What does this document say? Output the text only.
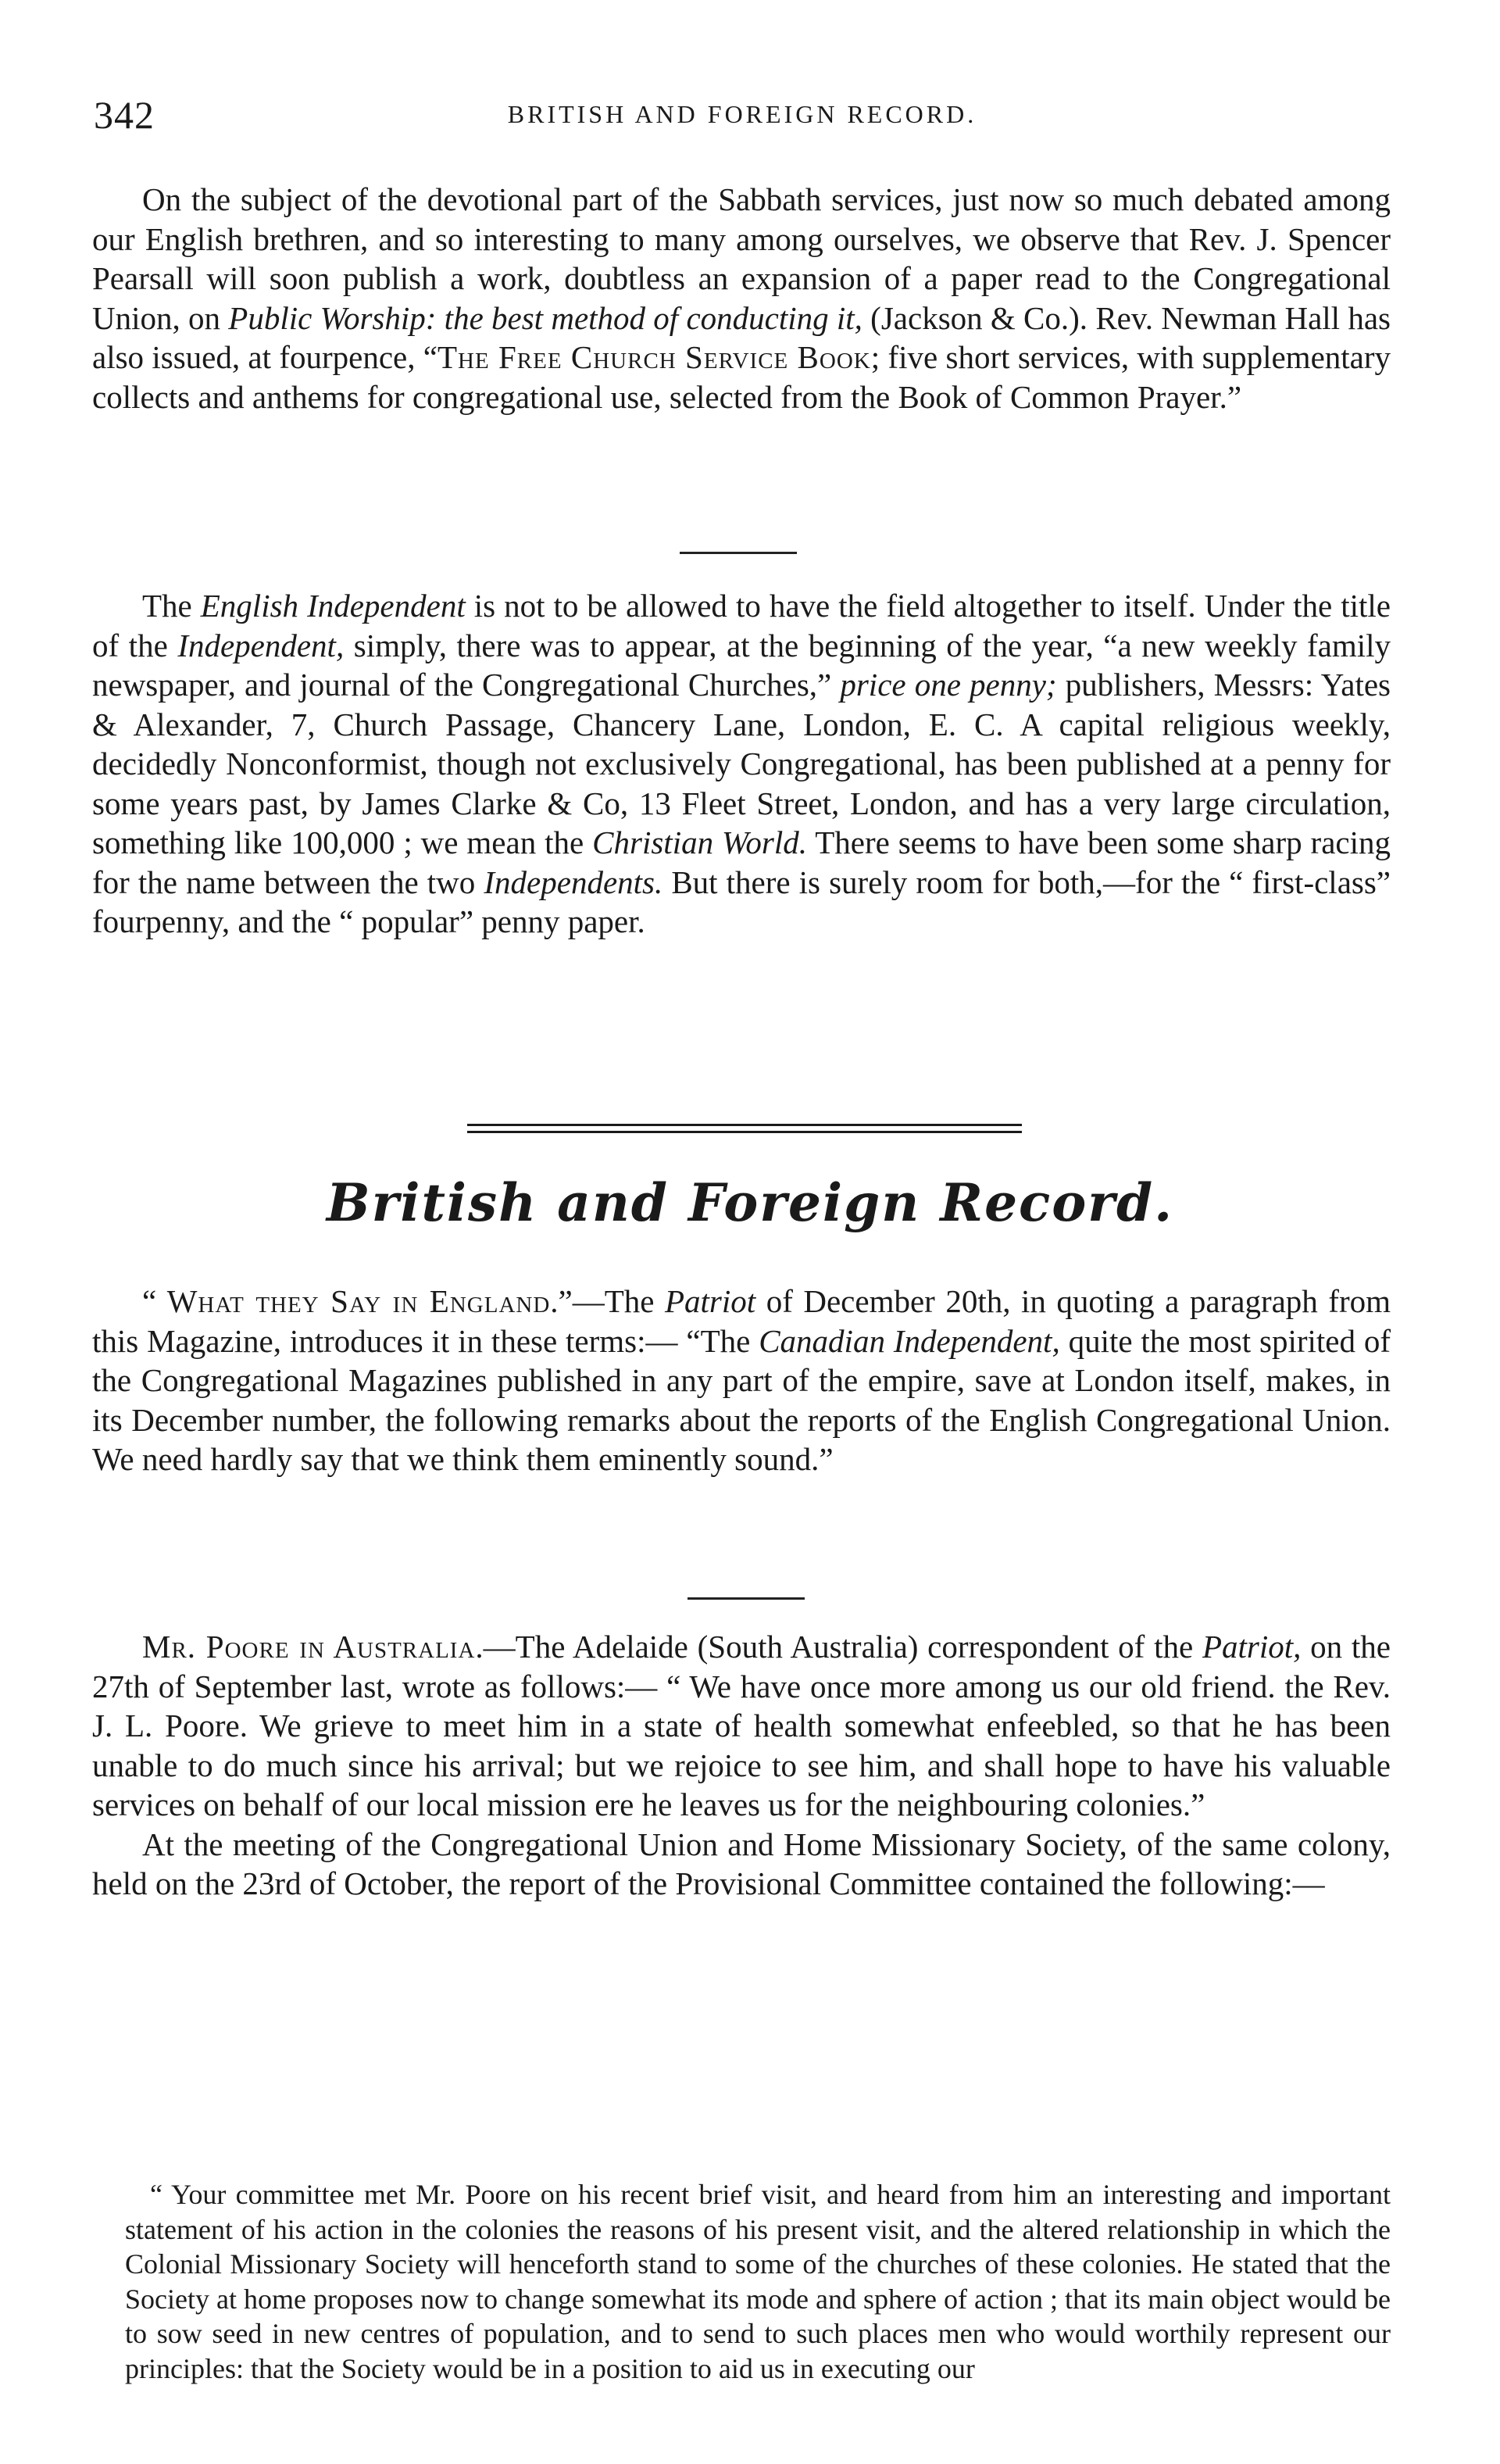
342	BRITISH AND FOREIGN RECORD.

On the subject of the devotional part of the Sabbath services, just now so much debated among our English brethren, and so interesting to many among ourselves, we observe that Rev. J. Spencer Pearsall will soon publish a work, doubtless an expansion of a paper read to the Congregational Union, on Public Worship: the best method of conducting it, (Jackson & Co.). Rev. Newman Hall has also issued, at fourpence, “The Free Church Service Book; five short services, with supplementary collects and anthems for congregational use, selected from the Book of Common Prayer.”

The English Independent is not to be allowed to have the field altogether to itself. Under the title of the Independent, simply, there was to appear, at the beginning of the year, “a new weekly family newspaper, and journal of the Congregational Churches,” price one penny; publishers, Messrs: Yates & Alexander, 7, Church Passage, Chancery Lane, London, E. C. A capital religious weekly, decidedly Nonconformist, though not exclusively Congregational, has been published at a penny for some years past, by James Clarke & Co, 13 Fleet Street, London, and has a very large circulation, something like 100,000 ; we mean the Christian World. There seems to have been some sharp racing for the name between the two Independents. But there is surely room for both,—for the “ first-class” fourpenny, and the “ popular” penny paper.

British and Foreign Record.

“ What they Say in England.”—The Patriot of December 20th, in quoting a paragraph from this Magazine, introduces it in these terms:— “The Canadian Independent, quite the most spirited of the Congregational Magazines published in any part of the empire, save at London itself, makes, in its December number, the following remarks about the reports of the English Congregational Union. We need hardly say that we think them eminently sound.”

Mr. Poore in Australia.—The Adelaide (South Australia) correspondent of the Patriot, on the 27th of September last, wrote as follows:— “ We have once more among us our old friend. the Rev. J. L. Poore. We grieve to meet him in a state of health somewhat enfeebled, so that he has been unable to do much since his arrival; but we rejoice to see him, and shall hope to have his valuable services on behalf of our local mission ere he leaves us for the neighbouring colonies.”

At the meeting of the Congregational Union and Home Missionary Society, of the same colony, held on the 23rd of October, the report of the Provisional Committee contained the following:—

“ Your committee met Mr. Poore on his recent brief visit, and heard from him an interesting and important statement of his action in the colonies the reasons of his present visit, and the altered relationship in which the Colonial Missionary Society will henceforth stand to some of the churches of these colonies. He stated that the Society at home proposes now to change somewhat its mode and sphere of action ; that its main object would be to sow seed in new centres of population, and to send to such places men who would worthily represent our principles: that the Society would be in a position to aid us in executing our
